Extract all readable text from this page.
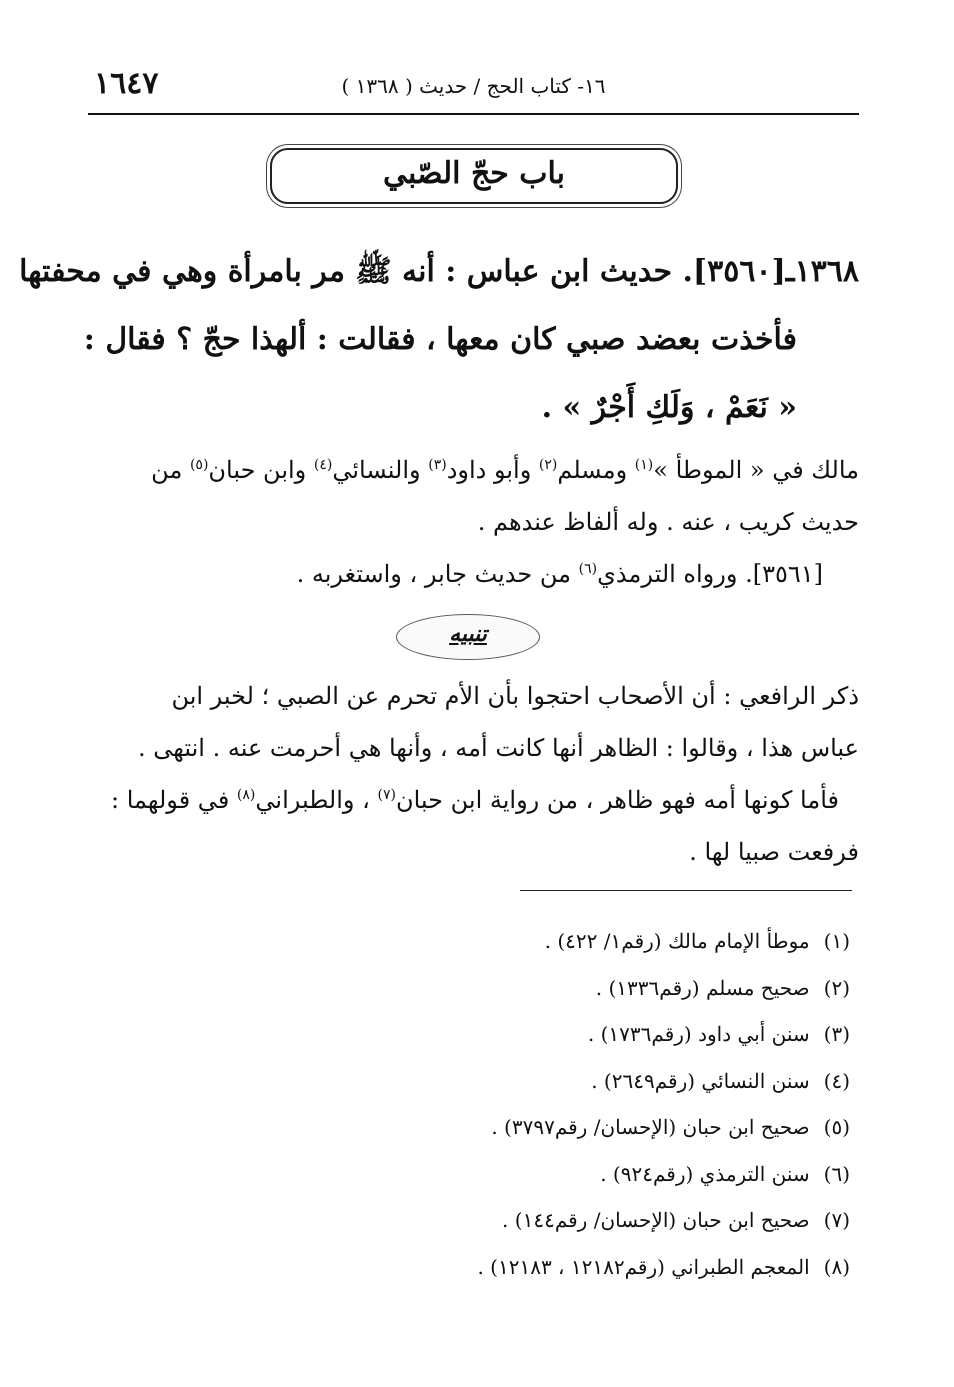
١٦٤٧	١٦- كتاب الحج / حديث ( ١٣٦٨ )
باب حجّ الصّبي
١٣٦٨ـ[٣٥٦٠]. حديث ابن عباس : أنه ﷺ مر بامرأة وهي في محفتها
فأخذت بعضد صبي كان معها ، فقالت : ألهذا حجّ ؟ فقال :
« نَعَمْ ، وَلَكِ أَجْرٌ » .
مالك في « الموطأ »$^{(١)}$ ومسلم$^{(٢)}$ وأبو داود$^{(٣)}$ والنسائي$^{(٤)}$ وابن حبان$^{(٥)}$ من
حديث كريب ، عنه . وله ألفاظ عندهم .
[٣٥٦١]. ورواه الترمذي$^{(٦)}$ من حديث جابر ، واستغربه .
تنبيه
ذكر الرافعي : أن الأصحاب احتجوا بأن الأم تحرم عن الصبي ؛ لخبر ابن
عباس هذا ، وقالوا : الظاهر أنها كانت أمه ، وأنها هي أحرمت عنه . انتهى .
فأما كونها أمه فهو ظاهر ، من رواية ابن حبان$^{(٧)}$ ، والطبراني$^{(٨)}$ في قولهما :
فرفعت صبيا لها .
(١) موطأ الإمام مالك (رقم١/ ٤٢٢) .
(٢) صحيح مسلم (رقم١٣٣٦) .
(٣) سنن أبي داود (رقم١٧٣٦) .
(٤) سنن النسائي (رقم٢٦٤٩) .
(٥) صحيح ابن حبان (الإحسان/ رقم٣٧٩٧) .
(٦) سنن الترمذي (رقم٩٢٤) .
(٧) صحيح ابن حبان (الإحسان/ رقم١٤٤) .
(٨) المعجم الطبراني (رقم١٢١٨٢ ، ١٢١٨٣) .
